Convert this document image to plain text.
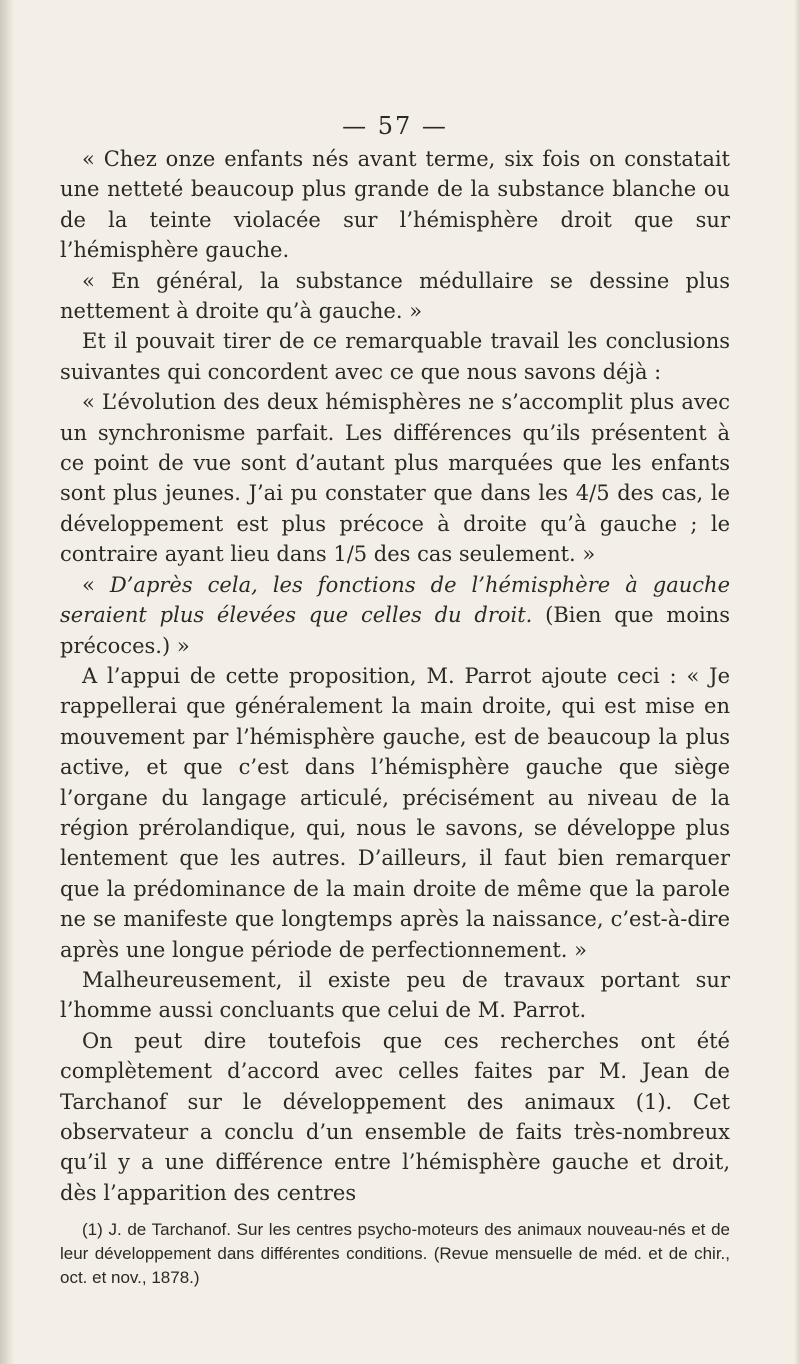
— 57 —

« Chez onze enfants nés avant terme, six fois on constatait une netteté beaucoup plus grande de la substance blanche ou de la teinte violacée sur l’hémisphère droit que sur l’hémisphère gauche.

« En général, la substance médullaire se dessine plus nettement à droite qu’à gauche. »

Et il pouvait tirer de ce remarquable travail les conclusions suivantes qui concordent avec ce que nous savons déjà :

« L’évolution des deux hémisphères ne s’accomplit plus avec un synchronisme parfait. Les différences qu’ils présentent à ce point de vue sont d’autant plus marquées que les enfants sont plus jeunes. J’ai pu constater que dans les 4/5 des cas, le développement est plus précoce à droite qu’à gauche ; le contraire ayant lieu dans 1/5 des cas seulement. »

« D’après cela, les fonctions de l’hémisphère à gauche seraient plus élevées que celles du droit. (Bien que moins précoces.) »

A l’appui de cette proposition, M. Parrot ajoute ceci : « Je rappellerai que généralement la main droite, qui est mise en mouvement par l’hémisphère gauche, est de beaucoup la plus active, et que c’est dans l’hémisphère gauche que siège l’organe du langage articulé, précisément au niveau de la région prérolandique, qui, nous le savons, se développe plus lentement que les autres. D’ailleurs, il faut bien remarquer que la prédominance de la main droite de même que la parole ne se manifeste que longtemps après la naissance, c’est-à-dire après une longue période de perfectionnement. »

Malheureusement, il existe peu de travaux portant sur l’homme aussi concluants que celui de M. Parrot.

On peut dire toutefois que ces recherches ont été complètement d’accord avec celles faites par M. Jean de Tarchanof sur le développement des animaux (1). Cet observateur a conclu d’un ensemble de faits très-nombreux qu’il y a une différence entre l’hémisphère gauche et droit, dès l’apparition des centres

(1) J. de Tarchanof. Sur les centres psycho-moteurs des animaux nouveau-nés et de leur développement dans différentes conditions. (Revue mensuelle de méd. et de chir., oct. et nov., 1878.)
